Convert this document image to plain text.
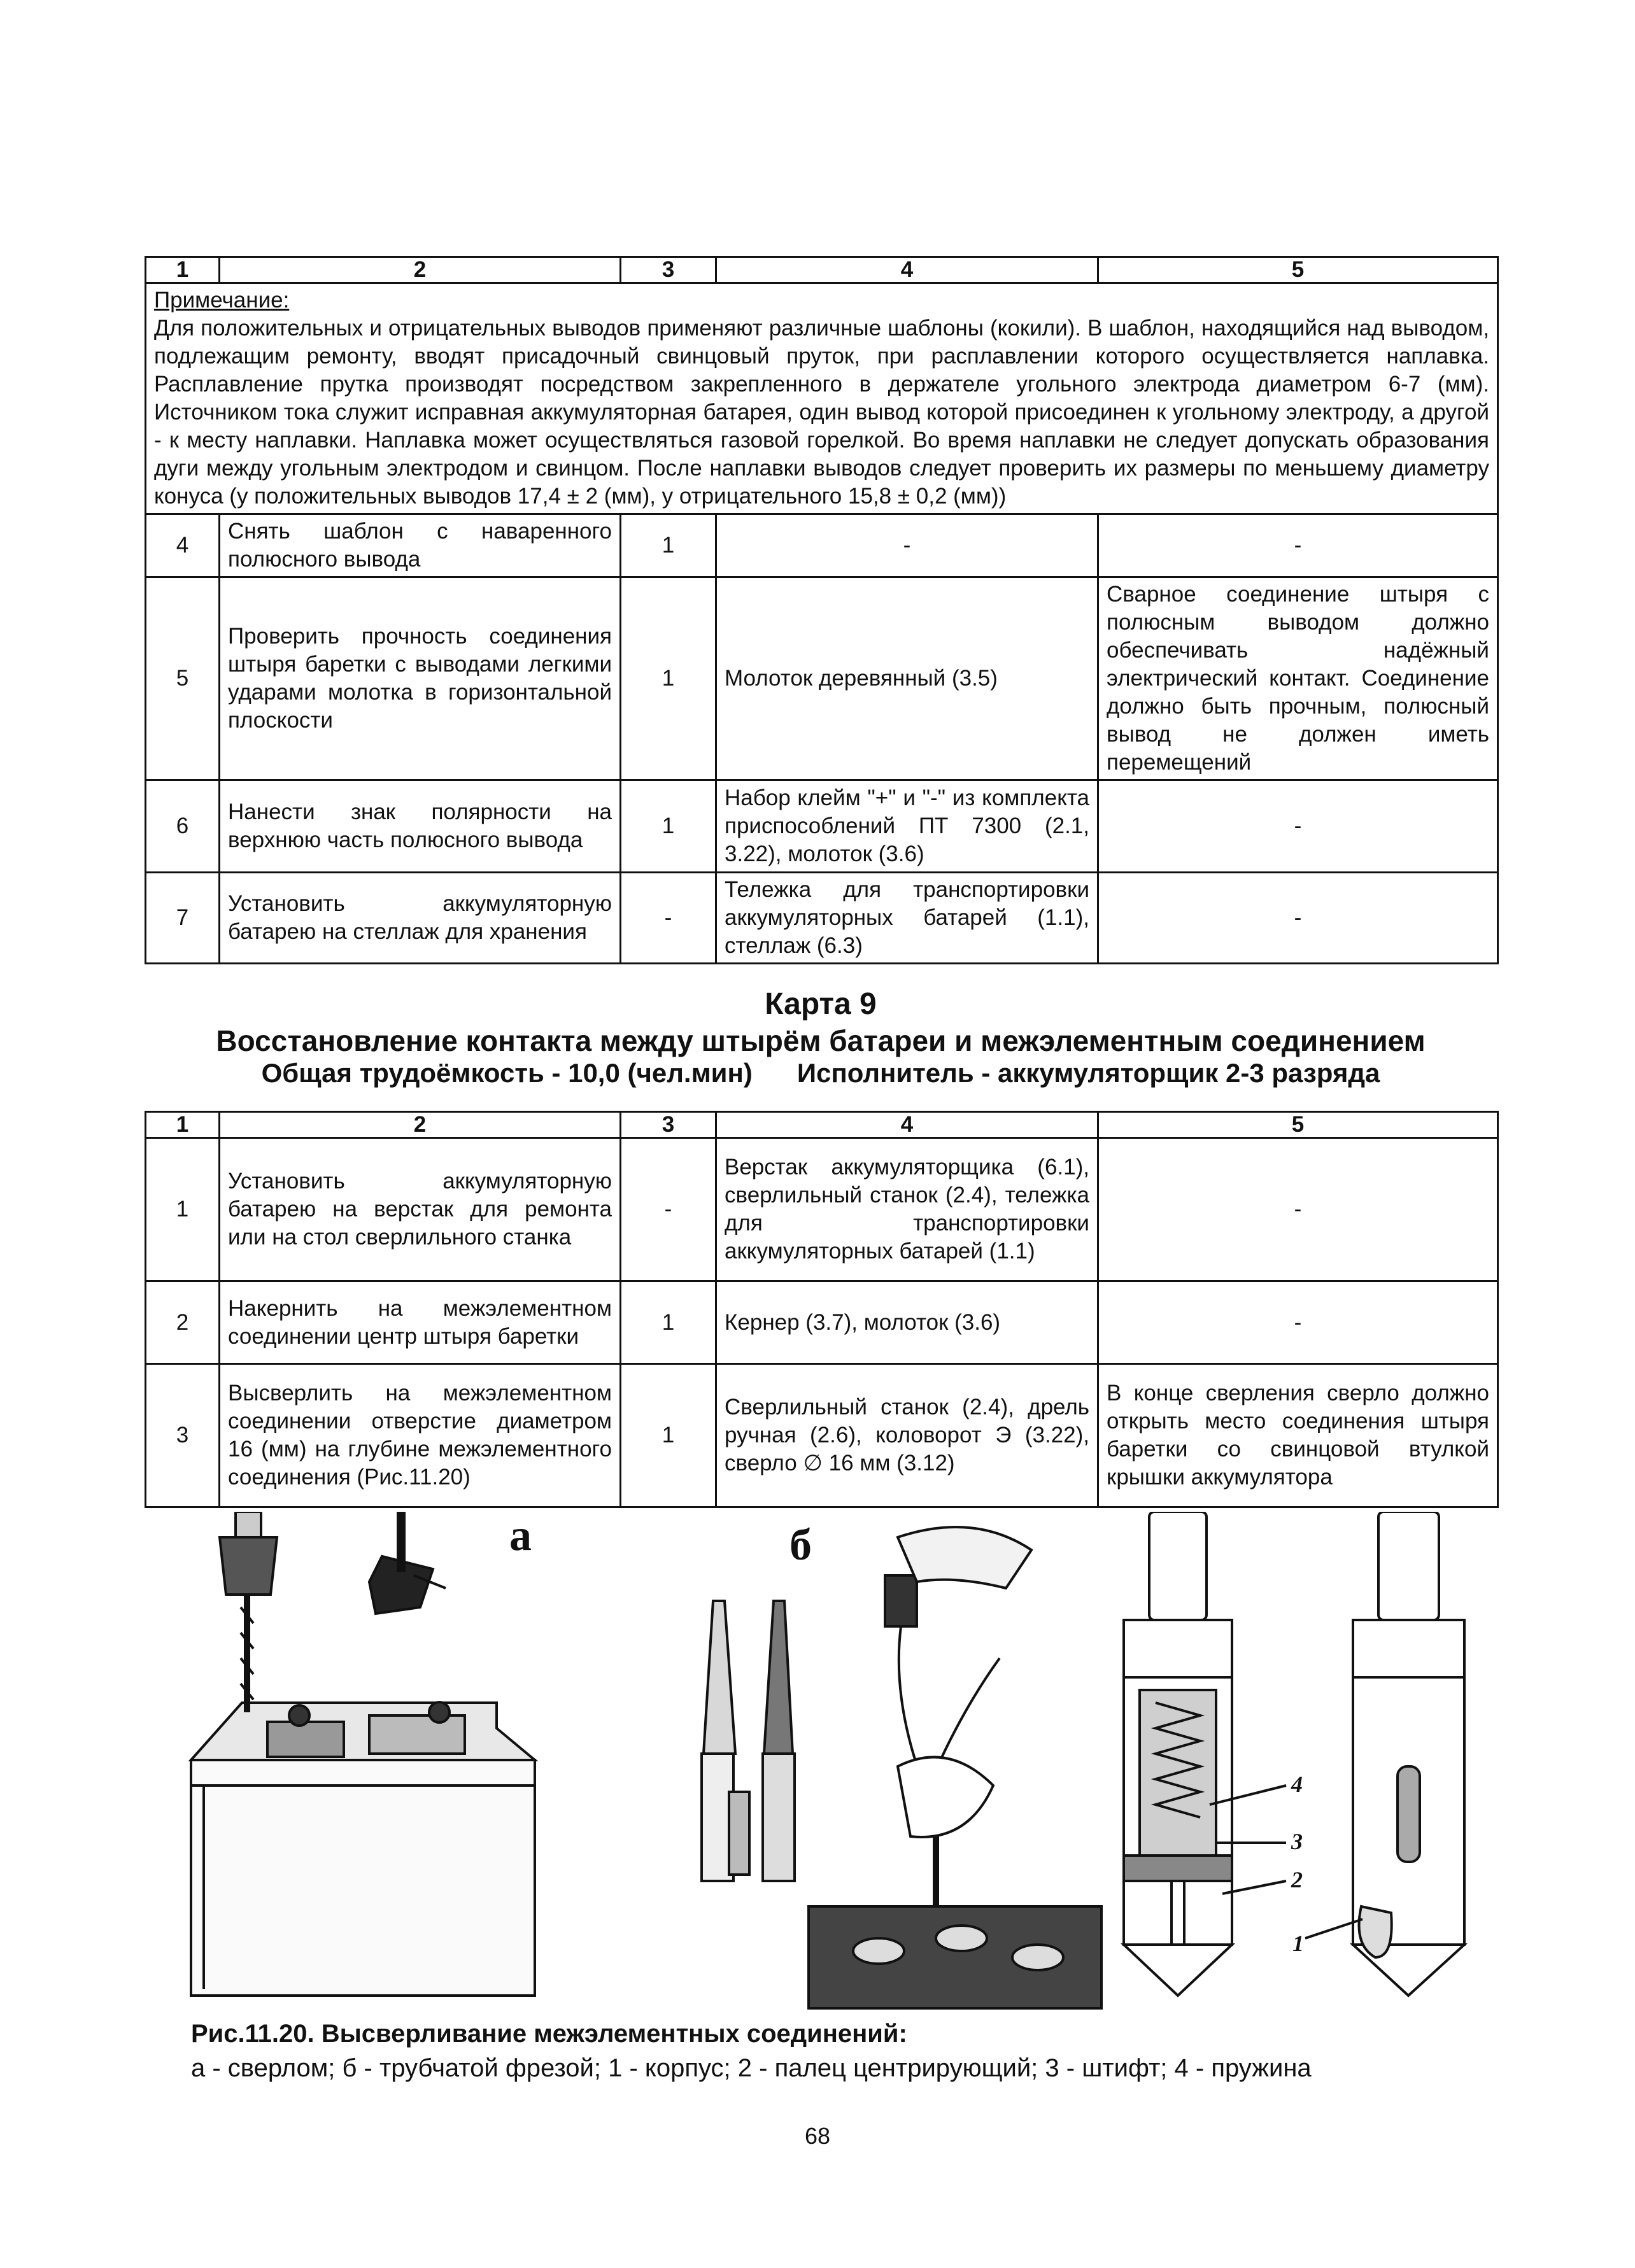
1	2	3	4	5

Примечание:
Для положительных и отрицательных выводов применяют различные шаблоны (кокили). В шаблон, находящийся над выводом, подлежащим ремонту, вводят присадочный свинцовый пруток, при расплавлении которого осуществляется наплавка. Расплавление прутка производят посредством закрепленного в держателе угольного электрода диаметром 6-7 (мм). Источником тока служит исправная аккумуляторная батарея, один вывод которой присоединен к угольному электроду, а другой - к месту наплавки. Наплавка может осуществляться газовой горелкой. Во время наплавки не следует допускать образования дуги между угольным электродом и свинцом. После наплавки выводов следует проверить их размеры по меньшему диаметру конуса (у положительных выводов 17,4 ± 2 (мм), у отрицательного 15,8 ± 0,2 (мм))				
4	Снять шаблон с наваренного полюсного вывода	1	-	-
5	Проверить прочность соединения штыря баретки с выводами легкими ударами молотка в горизонтальной плоскости	1	Молоток деревянный (3.5)	Сварное соединение штыря с полюсным выводом должно обеспечивать надёжный электрический контакт. Соединение должно быть прочным, полюсный вывод не должен иметь перемещений
6	Нанести знак полярности на верхнюю часть полюсного вывода	1	Набор клейм "+" и "-" из комплекта приспособлений ПТ 7300 (2.1, 3.22), молоток (3.6)	-
7	Установить аккумуляторную батарею на стеллаж для хранения	-	Тележка для транспортировки аккумуляторных батарей (1.1), стеллаж (6.3)	-
Карта 9
Восстановление контакта между штырём батареи и межэлементным соединением
Общая трудоёмкость - 10,0 (чел.мин) Исполнитель - аккумуляторщик 2-3 разряда
1	2	3	4	5
1	Установить аккумуляторную батарею на верстак для ремонта или на стол сверлильного станка	-	Верстак аккумуляторщика (6.1), сверлильный станок (2.4), тележка для транспортировки аккумуляторных батарей (1.1)	-
2	Накернить на межэлементном соединении центр штыря баретки	1	Кернер (3.7), молоток (3.6)	-
3	Высверлить на межэлементном соединении отверстие диаметром 16 (мм) на глубине межэлементного соединения (Рис.11.20)	1	Сверлильный станок (2.4), дрель ручная (2.6), коловорот Э (3.22), сверло ∅ 16 мм (3.12)	В конце сверления сверло должно открыть место соединения штыря баретки со свинцовой втулкой крышки аккумулятора
а	б
4
3
2
1
Рис.11.20. Высверливание межэлементных соединений:
а - сверлом; б - трубчатой фрезой; 1 - корпус; 2 - палец центрирующий; 3 - штифт; 4 - пружина
68
